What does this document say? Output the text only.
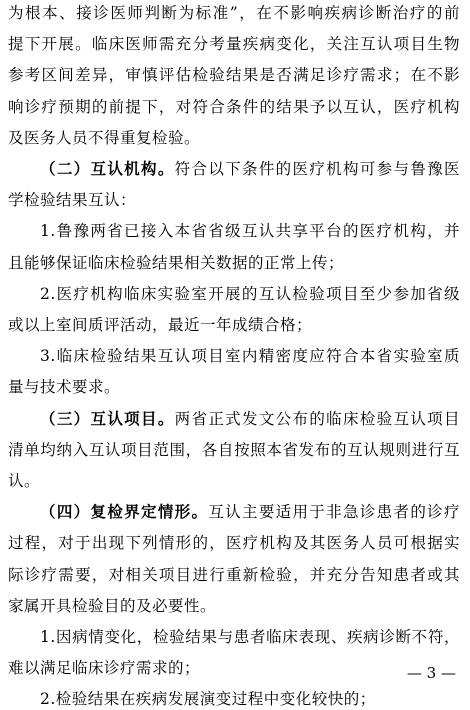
为根本、接诊医师判断为标准”，在不影响疾病诊断治疗的前
提下开展。临床医师需充分考量疾病变化，关注互认项目生物
参考区间差异，审慎评估检验结果是否满足诊疗需求；在不影
响诊疗预期的前提下，对符合条件的结果予以互认，医疗机构
及医务人员不得重复检验。
（二）互认机构。符合以下条件的医疗机构可参与鲁豫医
学检验结果互认：
1.鲁豫两省已接入本省省级互认共享平台的医疗机构，并
且能够保证临床检验结果相关数据的正常上传；
2.医疗机构临床实验室开展的互认检验项目至少参加省级
或以上室间质评活动，最近一年成绩合格；
3.临床检验结果互认项目室内精密度应符合本省实验室质
量与技术要求。
（三）互认项目。两省正式发文公布的临床检验互认项目
清单均纳入互认项目范围，各自按照本省发布的互认规则进行互
认。
（四）复检界定情形。互认主要适用于非急诊患者的诊疗
过程，对于出现下列情形的，医疗机构及其医务人员可根据实
际诊疗需要，对相关项目进行重新检验，并充分告知患者或其
家属开具检验目的及必要性。
1.因病情变化，检验结果与患者临床表现、疾病诊断不符，
难以满足临床诊疗需求的；
2.检验结果在疾病发展演变过程中变化较快的；
— 3 —
